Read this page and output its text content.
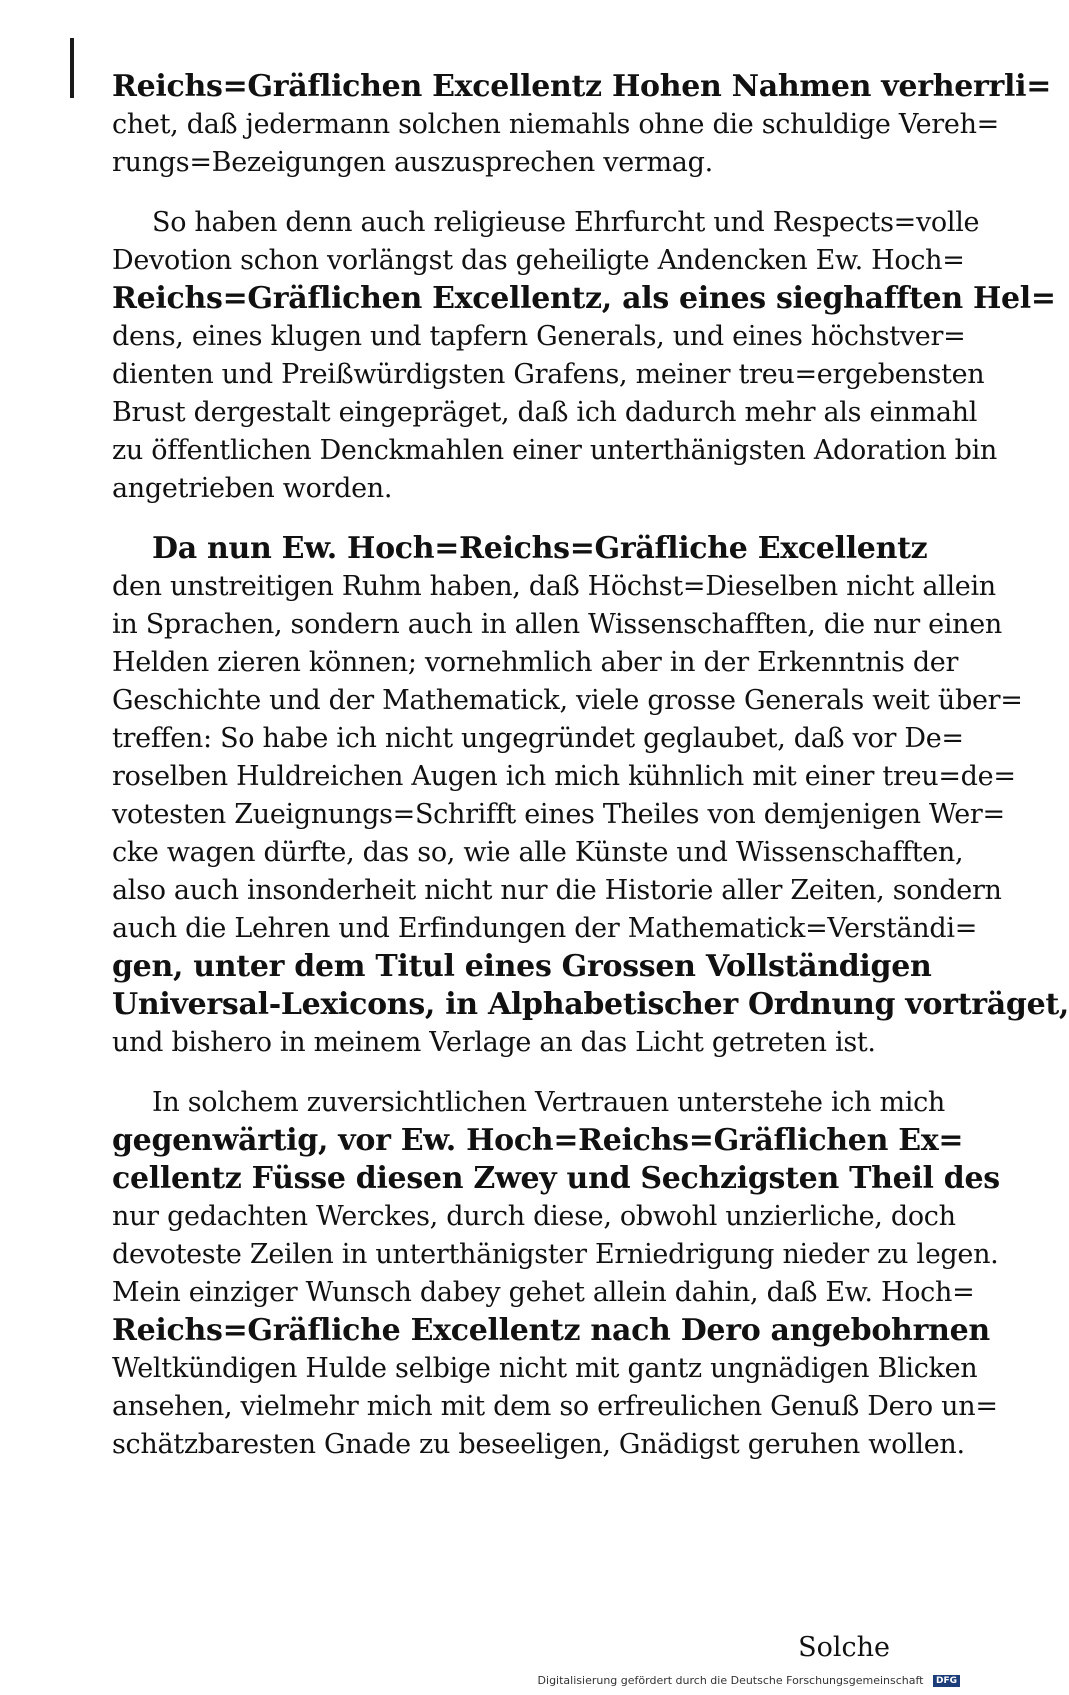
Reichs=Gräflichen Excellentz Hohen Nahmen verherrli=
chet, daß jedermann solchen niemahls ohne die schuldige Vereh=
rungs=Bezeigungen auszusprechen vermag.
So haben denn auch religieuse Ehrfurcht und Respects=volle
Devotion schon vorlängst das geheiligte Andencken Ew. Hoch=
Reichs=Gräflichen Excellentz, als eines sieghafften Hel=
dens, eines klugen und tapfern Generals, und eines höchstver=
dienten und Preißwürdigsten Grafens, meiner treu=ergebensten
Brust dergestalt eingepräget, daß ich dadurch mehr als einmahl
zu öffentlichen Denckmahlen einer unterthänigsten Adoration bin
angetrieben worden.
Da nun Ew. Hoch=Reichs=Gräfliche Excellentz
den unstreitigen Ruhm haben, daß Höchst=Dieselben nicht allein
in Sprachen, sondern auch in allen Wissenschafften, die nur einen
Helden zieren können; vornehmlich aber in der Erkenntnis der
Geschichte und der Mathematick, viele grosse Generals weit über=
treffen: So habe ich nicht ungegründet geglaubet, daß vor De=
roselben Huldreichen Augen ich mich kühnlich mit einer treu=de=
votesten Zueignungs=Schrifft eines Theiles von demjenigen Wer=
cke wagen dürfte, das so, wie alle Künste und Wissenschafften,
also auch insonderheit nicht nur die Historie aller Zeiten, sondern
auch die Lehren und Erfindungen der Mathematick=Verständi=
gen, unter dem Titul eines Grossen Vollständigen
Universal-Lexicons, in Alphabetischer Ordnung vorträget,
und bishero in meinem Verlage an das Licht getreten ist.
In solchem zuversichtlichen Vertrauen unterstehe ich mich
gegenwärtig, vor Ew. Hoch=Reichs=Gräflichen Ex=
cellentz Füsse diesen Zwey und Sechzigsten Theil des
nur gedachten Werckes, durch diese, obwohl unzierliche, doch
devoteste Zeilen in unterthänigster Erniedrigung nieder zu legen.
Mein einziger Wunsch dabey gehet allein dahin, daß Ew. Hoch=
Reichs=Gräfliche Excellentz nach Dero angebohrnen
Weltkündigen Hulde selbige nicht mit gantz ungnädigen Blicken
ansehen, vielmehr mich mit dem so erfreulichen Genuß Dero un=
schätzbaresten Gnade zu beseeligen, Gnädigst geruhen wollen.
Solche
Digitalisierung gefördert durch die Deutsche Forschungsgemeinschaft DFG
